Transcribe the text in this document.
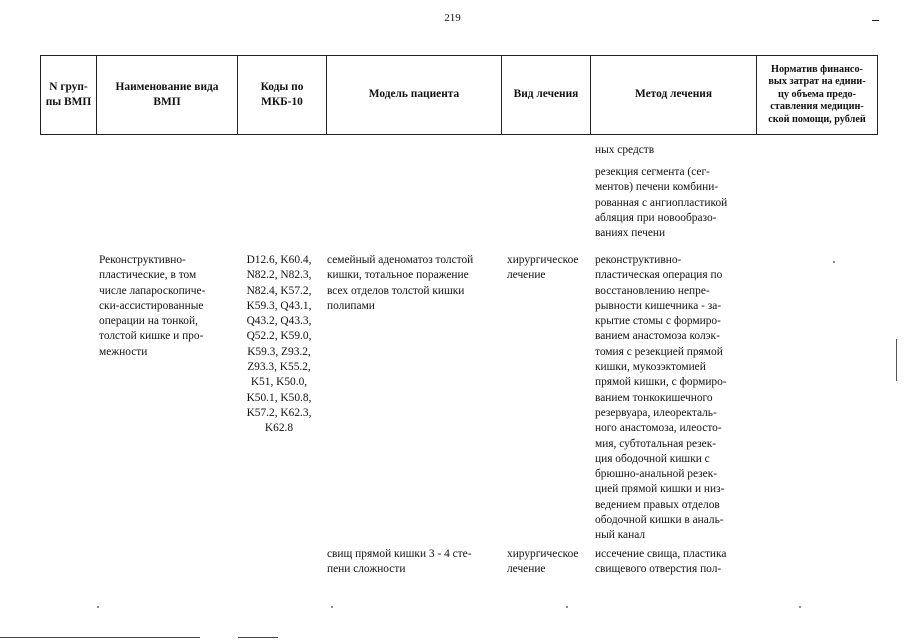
219
N груп-
пы ВМП
Наименование вида
ВМП
Коды по
МКБ-10
Модель пациента	Вид лечения	Метод лечения
Норматив финансо-
вых затрат на едини-
цу объема предо-
ставления медицин-
ской помощи, рублей
ных средств
резекция сегмента (сег-
ментов) печени комбини-
рованная с ангиопластикой
абляция при новообразо-
ваниях печени
Реконструктивно-
пластические, в том
числе лапароскопиче-
ски-ассистированные
операции на тонкой,
толстой кишке и про-
межности
D12.6, K60.4,
N82.2, N82.3,
N82.4, K57.2,
K59.3, Q43.1,
Q43.2, Q43.3,
Q52.2, K59.0,
K59.3, Z93.2,
Z93.3, K55.2,
K51, K50.0,
K50.1, K50.8,
K57.2, K62.3,
K62.8
семейный аденоматоз толстой
кишки, тотальное поражение
всех отделов толстой кишки
полипами
хирургическое
лечение
реконструктивно-
пластическая операция по
восстановлению непре-
рывности кишечника - за-
крытие стомы с формиро-
ванием анастомоза колэк-
томия с резекцией прямой
кишки, мукозэктомией
прямой кишки, с формиро-
ванием тонкокишечного
резервуара, илеоректаль-
ного анастомоза, илеосто-
мия, субтотальная резек-
ция ободочной кишки с
брюшно-анальной резек-
цией прямой кишки и низ-
ведением правых отделов
ободочной кишки в аналь-
ный канал
свищ прямой кишки 3 - 4 сте-
пени сложности
хирургическое
лечение
иссечение свища, пластика
свищевого отверстия пол-
